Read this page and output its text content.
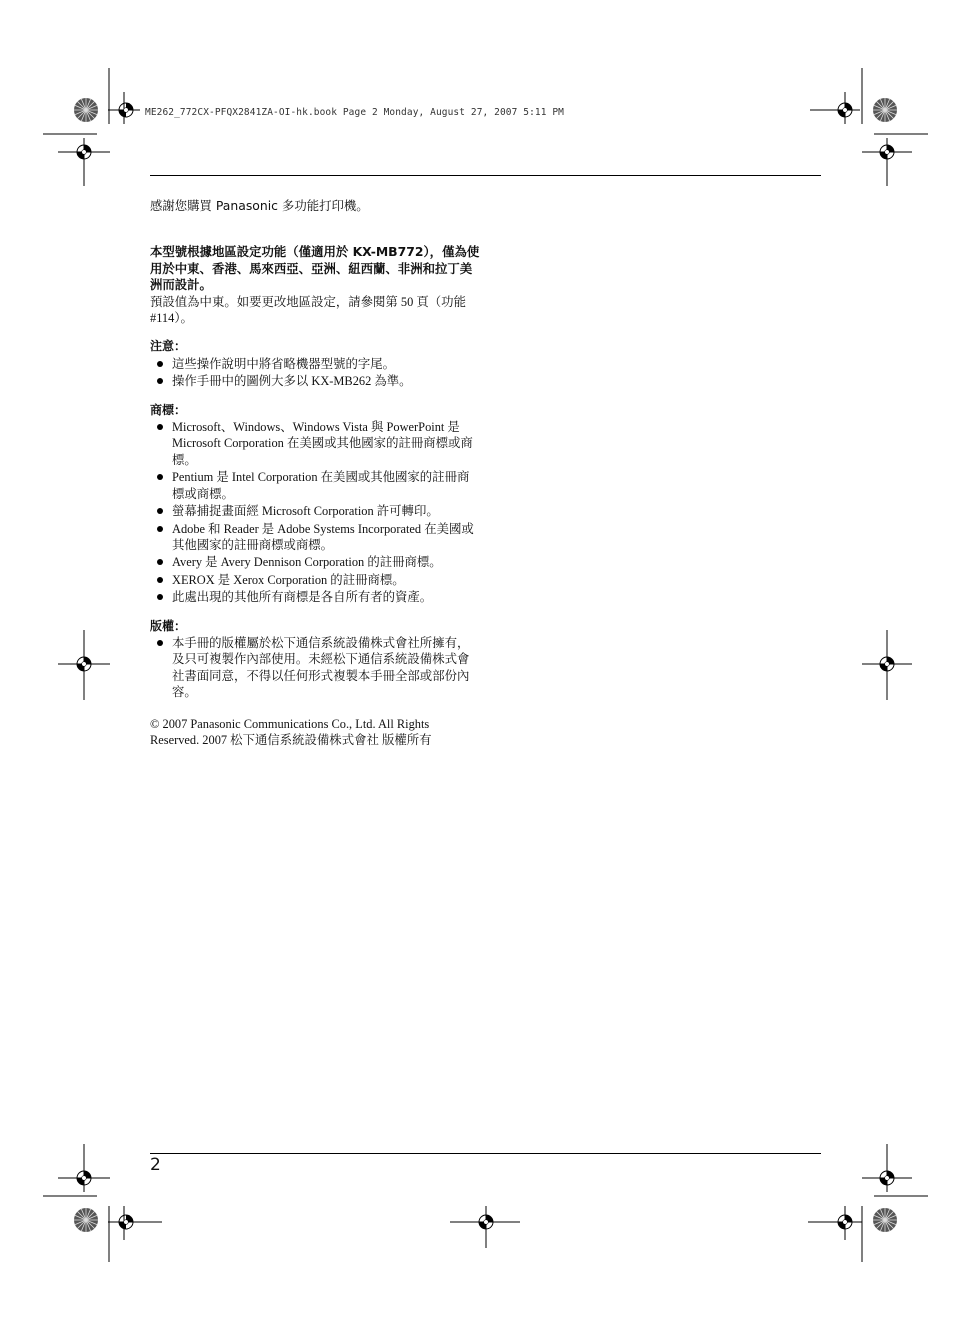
ME262_772CX-PFQX2841ZA-OI-hk.book Page 2 Monday, August 27, 2007 5:11 PM

感謝您購買 Panasonic 多功能打印機。

本型號根據地區設定功能（僅適用於 KX-MB772），僅為使用於中東、香港、馬來西亞、亞洲、紐西蘭、非洲和拉丁美洲而設計。
預設值為中東。如要更改地區設定，請參閱第 50 頁（功能 #114）。

注意：
這些操作說明中將省略機器型號的字尾。
操作手冊中的圖例大多以 KX-MB262 為準。
商標：
Microsoft、Windows、Windows Vista 與 PowerPoint 是 Microsoft Corporation 在美國或其他國家的註冊商標或商標。
Pentium 是 Intel Corporation 在美國或其他國家的註冊商標或商標。
螢幕捕捉畫面經 Microsoft Corporation 許可轉印。
Adobe 和 Reader 是 Adobe Systems Incorporated 在美國或其他國家的註冊商標或商標。
Avery 是 Avery Dennison Corporation 的註冊商標。
XEROX 是 Xerox Corporation 的註冊商標。
此處出現的其他所有商標是各自所有者的資產。
版權：
本手冊的版權屬於松下通信系統設備株式會社所擁有，及只可複製作內部使用。未經松下通信系統設備株式會社書面同意，不得以任何形式複製本手冊全部或部份內容。

© 2007 Panasonic Communications Co., Ltd. All Rights Reserved. 2007 松下通信系統設備株式會社 版權所有

2
